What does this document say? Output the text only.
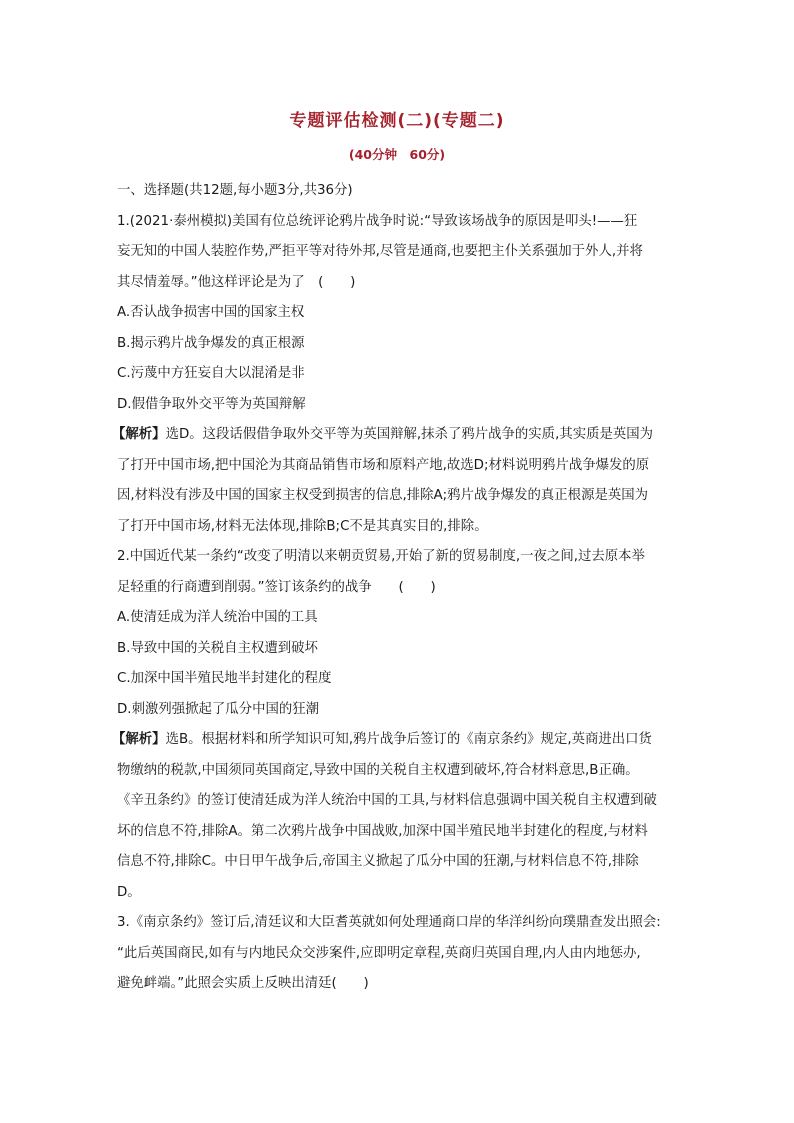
专题评估检测(二)(专题二)
(40分钟　60分)

一、选择题(共12题,每小题3分,共36分)

1.(2021·泰州模拟)美国有位总统评论鸦片战争时说:“导致该场战争的原因是叩头!——狂

妄无知的中国人装腔作势,严拒平等对待外邦,尽管是通商,也要把主仆关系强加于外人,并将

其尽情羞辱。”他这样评论是为了　(　　)

A.否认战争损害中国的国家主权

B.揭示鸦片战争爆发的真正根源

C.污蔑中方狂妄自大以混淆是非

D.假借争取外交平等为英国辩解

【解析】选D。这段话假借争取外交平等为英国辩解,抹杀了鸦片战争的实质,其实质是英国为

了打开中国市场,把中国沦为其商品销售市场和原料产地,故选D;材料说明鸦片战争爆发的原

因,材料没有涉及中国的国家主权受到损害的信息,排除A;鸦片战争爆发的真正根源是英国为

了打开中国市场,材料无法体现,排除B;C不是其真实目的,排除。

2.中国近代某一条约“改变了明清以来朝贡贸易,开始了新的贸易制度,一夜之间,过去原本举

足轻重的行商遭到削弱。”签订该条约的战争　　(　　)

A.使清廷成为洋人统治中国的工具

B.导致中国的关税自主权遭到破坏

C.加深中国半殖民地半封建化的程度

D.刺激列强掀起了瓜分中国的狂潮

【解析】选B。根据材料和所学知识可知,鸦片战争后签订的《南京条约》规定,英商进出口货

物缴纳的税款,中国须同英国商定,导致中国的关税自主权遭到破坏,符合材料意思,B正确。

《辛丑条约》的签订使清廷成为洋人统治中国的工具,与材料信息强调中国关税自主权遭到破

坏的信息不符,排除A。第二次鸦片战争中国战败,加深中国半殖民地半封建化的程度,与材料

信息不符,排除C。中日甲午战争后,帝国主义掀起了瓜分中国的狂潮,与材料信息不符,排除

D。

3.《南京条约》签订后,清廷议和大臣耆英就如何处理通商口岸的华洋纠纷向璞鼎查发出照会:

“此后英国商民,如有与内地民众交涉案件,应即明定章程,英商归英国自理,内人由内地惩办,

避免衅端。”此照会实质上反映出清廷(　　)
